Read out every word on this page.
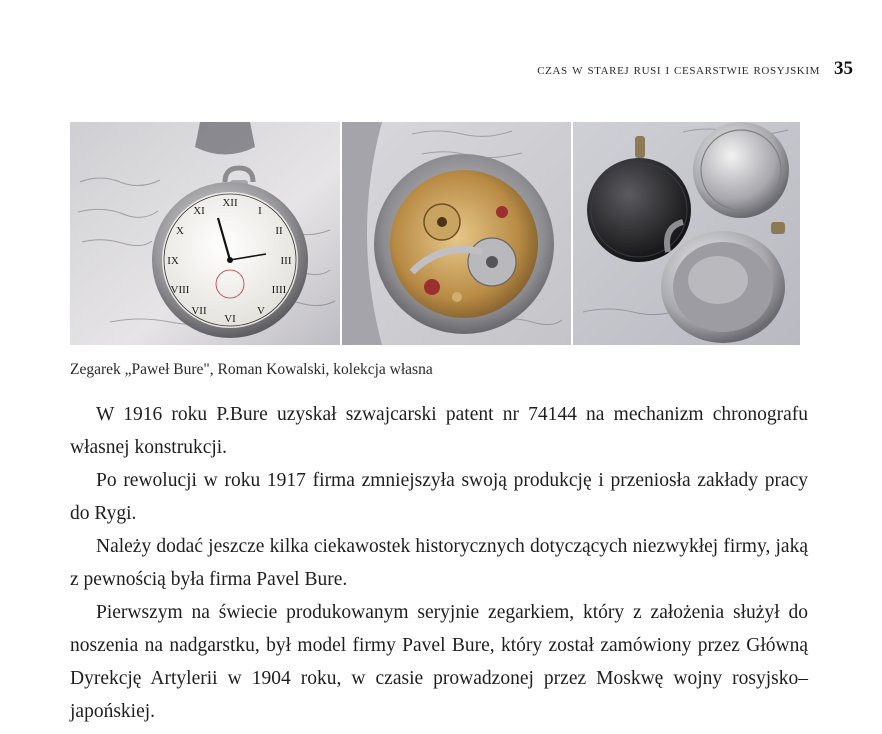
czas w starej rusi i cesarstwie rosyjskim 35
XII
I
II
III
IIII
V
VI
VII
VIII
IX
X
XI
Zegarek „Paweł Bure", Roman Kowalski, kolekcja własna

W 1916 roku P.Bure uzyskał szwajcarski patent nr 74144 na mechanizm chronografu własnej konstrukcji.

Po rewolucji w roku 1917 firma zmniejszyła swoją produkcję i przeniosła zakłady pracy do Rygi.

Należy dodać jeszcze kilka ciekawostek historycznych dotyczących niezwykłej firmy, jaką z pewnością była firma Pavel Bure.

Pierwszym na świecie produkowanym seryjnie zegarkiem, który z założenia służył do noszenia na nadgarstku, był model firmy Pavel Bure, który został zamówiony przez Główną Dyrekcję Artylerii w 1904 roku, w czasie prowadzonej przez Moskwę wojny rosyjsko–japońskiej.
